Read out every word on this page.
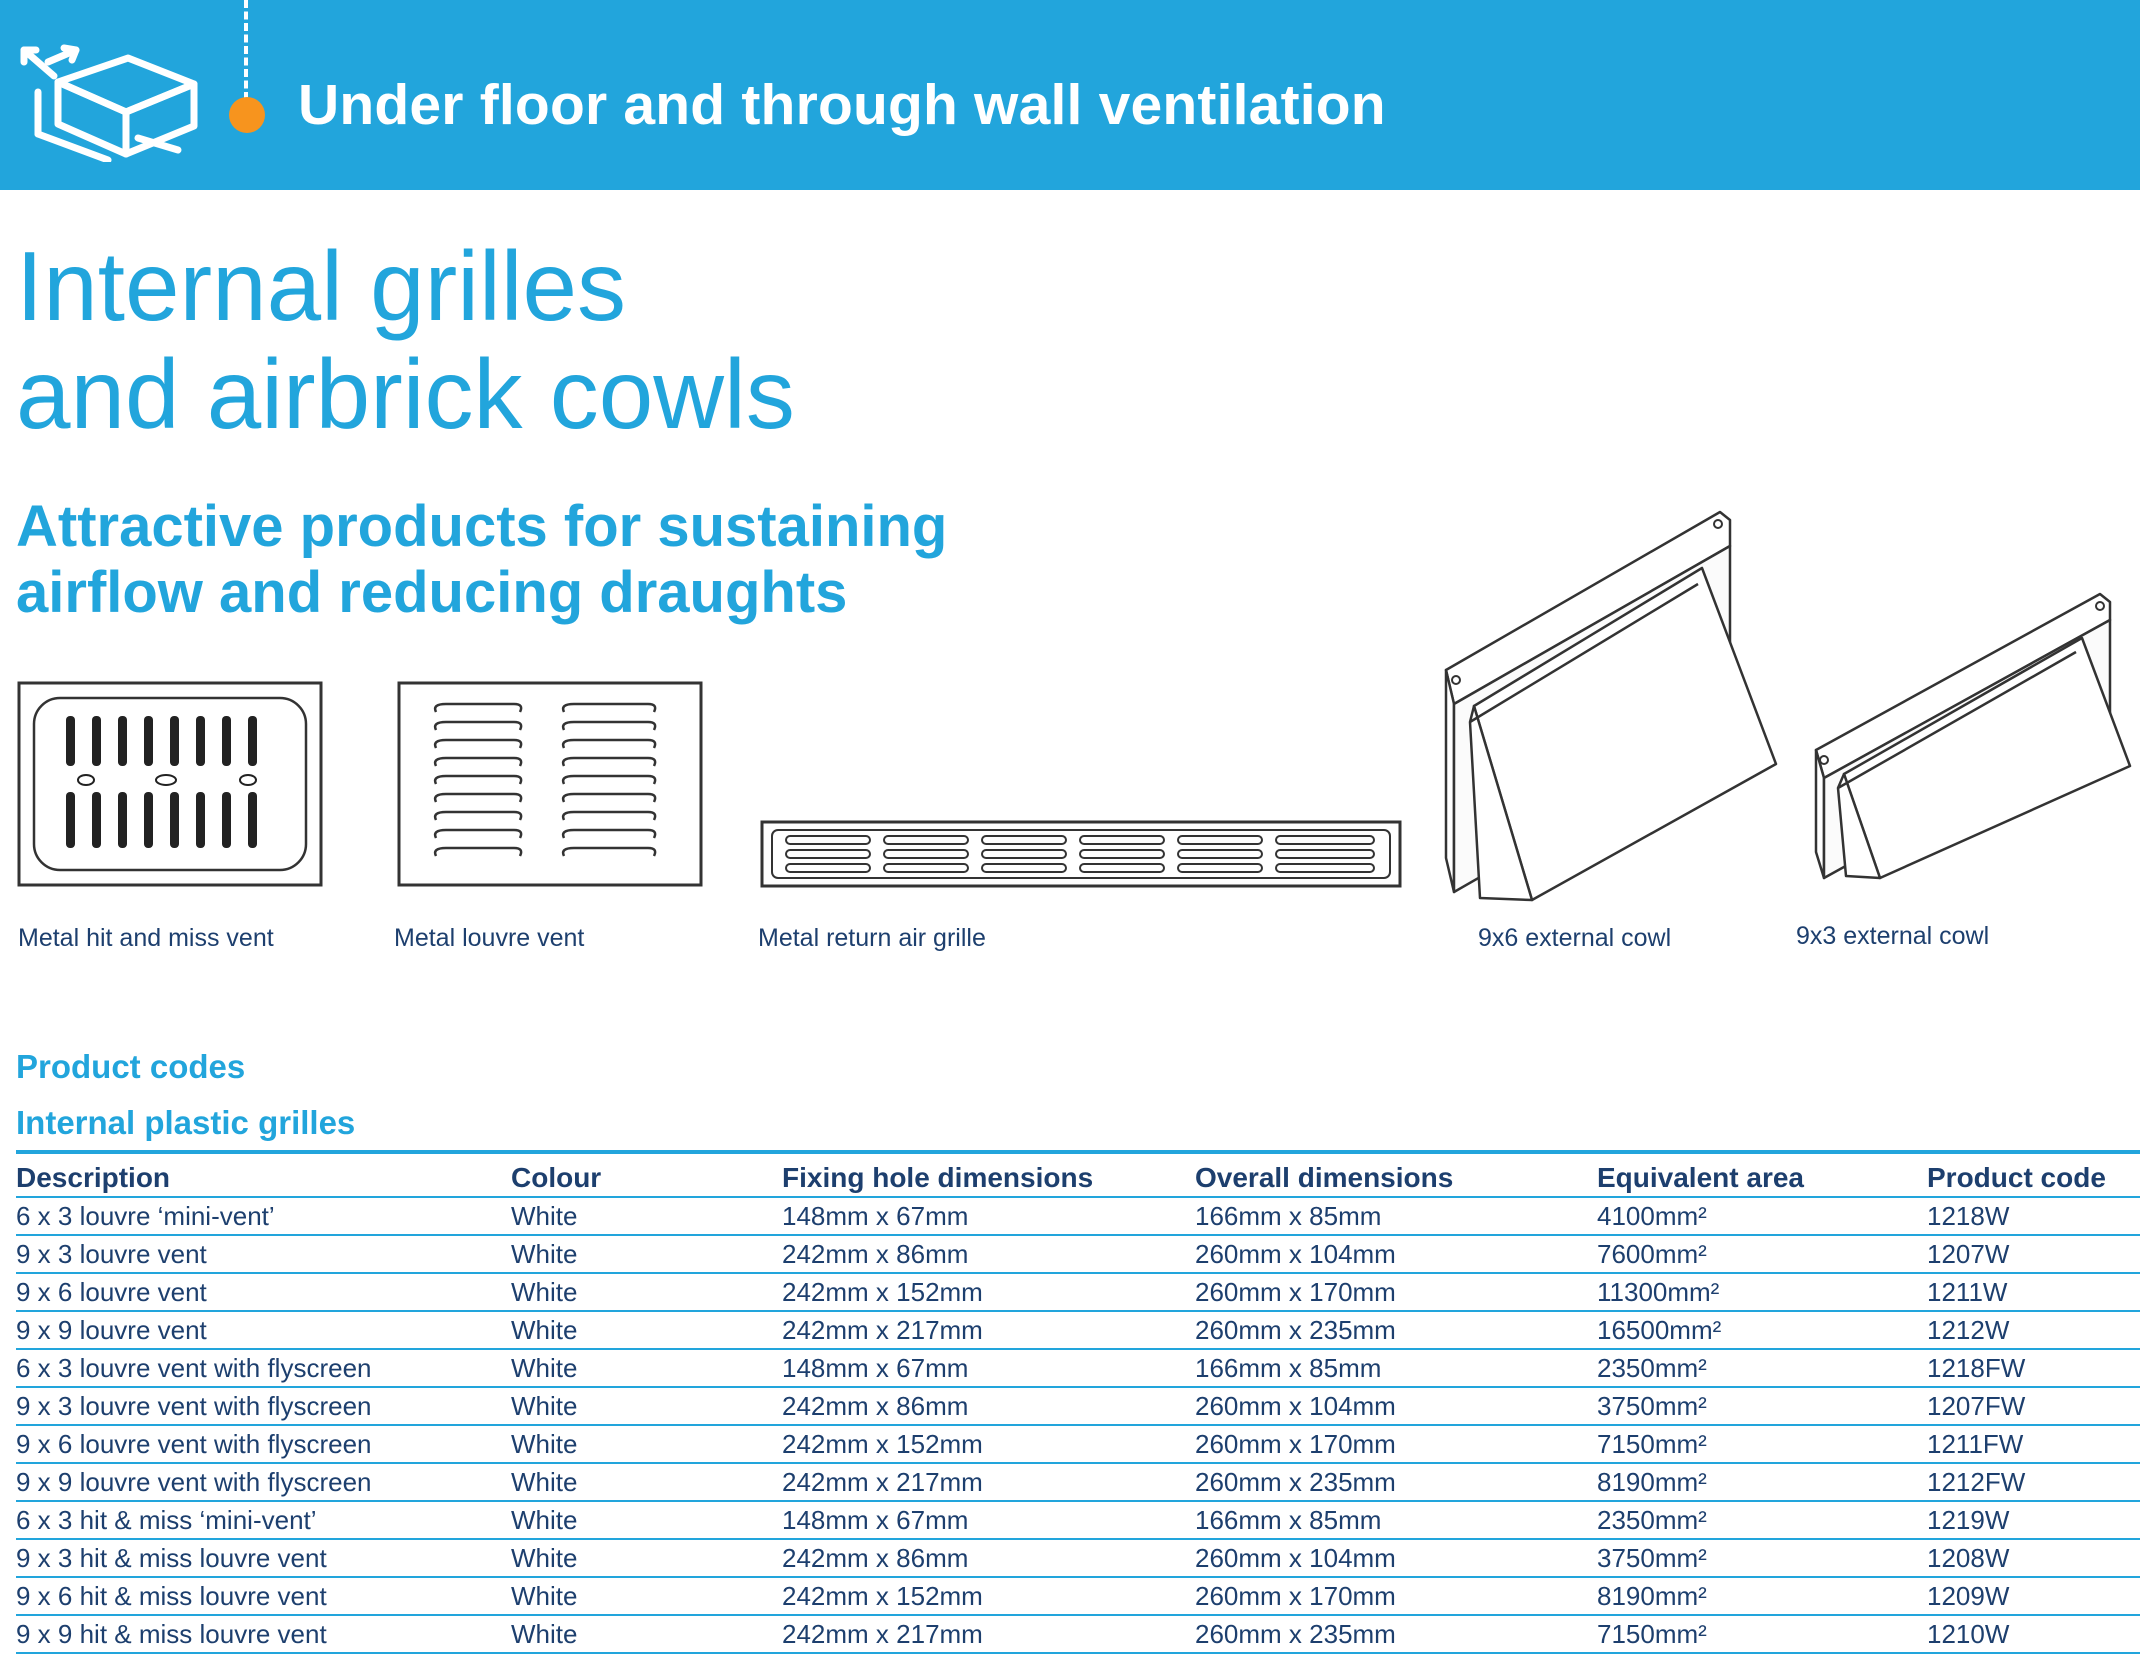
Under floor and through wall ventilation
Internal grilles
and airbrick cowls
Attractive products for sustaining
airflow and reducing draughts
Metal hit and miss vent	Metal louvre vent	Metal return air grille	9x6 external cowl	9x3 external cowl
Product codes
Internal plastic grilles
Description	Colour	Fixing hole dimensions	Overall dimensions	Equivalent area	Product code
6 x 3 louvre ‘mini-vent’	White	148mm x 67mm	166mm x 85mm	4100mm²	1218W
9 x 3 louvre vent	White	242mm x 86mm	260mm x 104mm	7600mm²	1207W
9 x 6 louvre vent	White	242mm x 152mm	260mm x 170mm	11300mm²	1211W
9 x 9 louvre vent	White	242mm x 217mm	260mm x 235mm	16500mm²	1212W
6 x 3 louvre vent with flyscreen	White	148mm x 67mm	166mm x 85mm	2350mm²	1218FW
9 x 3 louvre vent with flyscreen	White	242mm x 86mm	260mm x 104mm	3750mm²	1207FW
9 x 6 louvre vent with flyscreen	White	242mm x 152mm	260mm x 170mm	7150mm²	1211FW
9 x 9 louvre vent with flyscreen	White	242mm x 217mm	260mm x 235mm	8190mm²	1212FW
6 x 3 hit & miss ‘mini-vent’	White	148mm x 67mm	166mm x 85mm	2350mm²	1219W
9 x 3 hit & miss louvre vent	White	242mm x 86mm	260mm x 104mm	3750mm²	1208W
9 x 6 hit & miss louvre vent	White	242mm x 152mm	260mm x 170mm	8190mm²	1209W
9 x 9 hit & miss louvre vent	White	242mm x 217mm	260mm x 235mm	7150mm²	1210W
